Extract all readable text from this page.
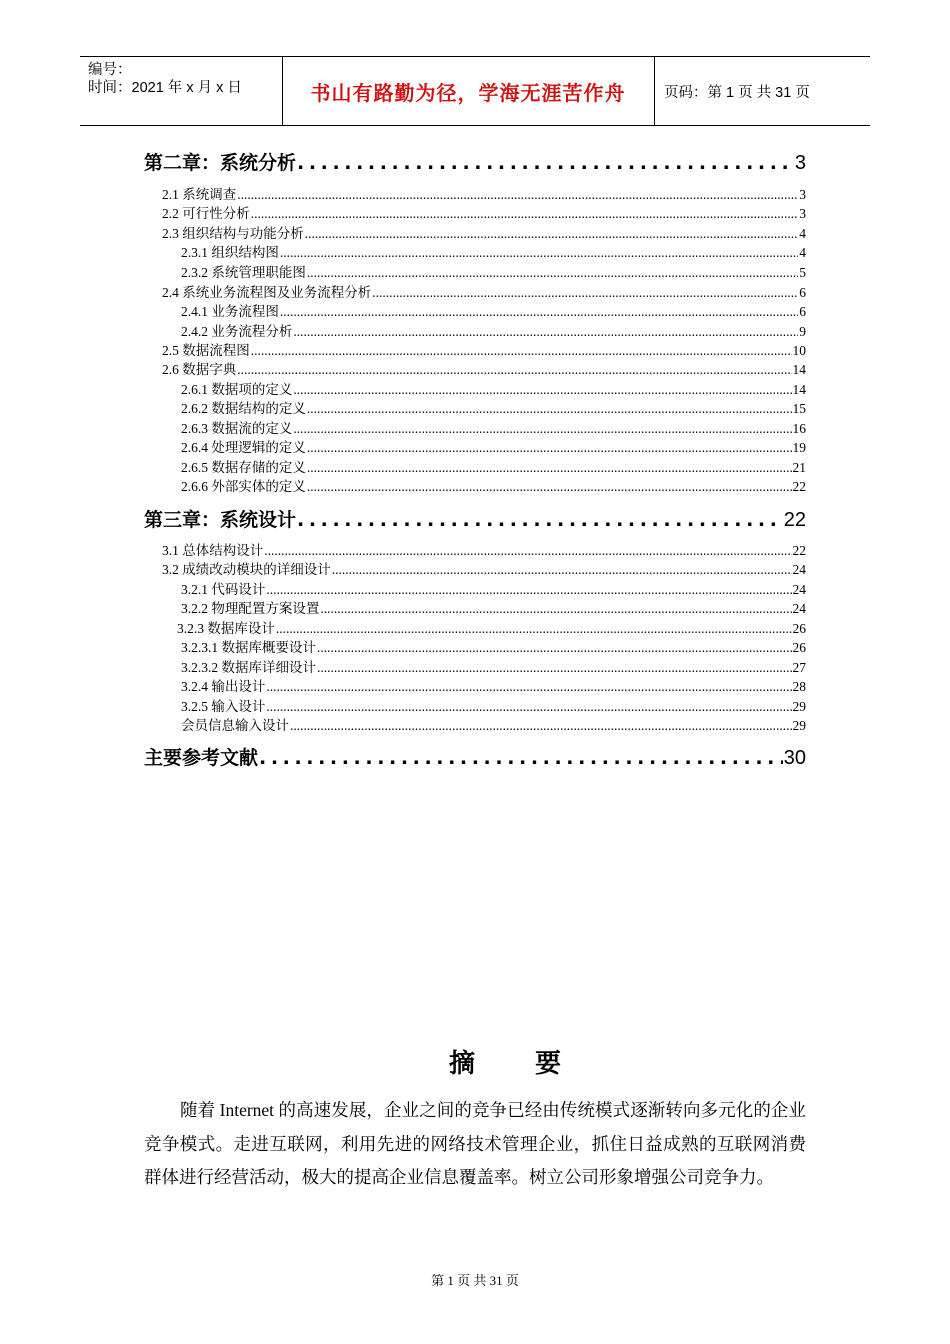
编号：
时间：2021 年 x 月 x 日	书山有路勤为径，学海无涯苦作舟	页码：第 1 页 共 31 页
第二章：系统分析 .....	3
2.1 系统调查 .....	3
2.2 可行性分析 .....	3
2.3 组织结构与功能分析 .....	4
2.3.1 组织结构图 .....	4
2.3.2 系统管理职能图 .....	5
2.4 系统业务流程图及业务流程分析 .....	6
2.4.1 业务流程图 .....	6
2.4.2 业务流程分析 .....	9
2.5 数据流程图 .....	10
2.6 数据字典 .....	14
2.6.1 数据项的定义 .....	14
2.6.2 数据结构的定义 .....	15
2.6.3 数据流的定义 .....	16
2.6.4 处理逻辑的定义 .....	19
2.6.5 数据存储的定义 .....	21
2.6.6 外部实体的定义 .....	22
第三章：系统设计 .....	22
3.1 总体结构设计 .....	22
3.2 成绩改动模块的详细设计 .....	24
3.2.1 代码设计 .....	24
3.2.2 物理配置方案设置 .....	24
3.2.3 数据库设计 .....	26
3.2.3.1 数据库概要设计 .....	26
3.2.3.2 数据库详细设计 .....	27
3.2.4 输出设计 .....	28
3.2.5 输入设计 .....	29
会员信息输入设计 .....	29
主要参考文献 .....	30
摘要
随着 Internet 的高速发展，企业之间的竞争已经由传统模式逐渐转向多元化的企业竞争模式。走进互联网，利用先进的网络技术管理企业，抓住日益成熟的互联网消费群体进行经营活动，极大的提高企业信息覆盖率。树立公司形象增强公司竞争力。
第 1 页 共 31 页
